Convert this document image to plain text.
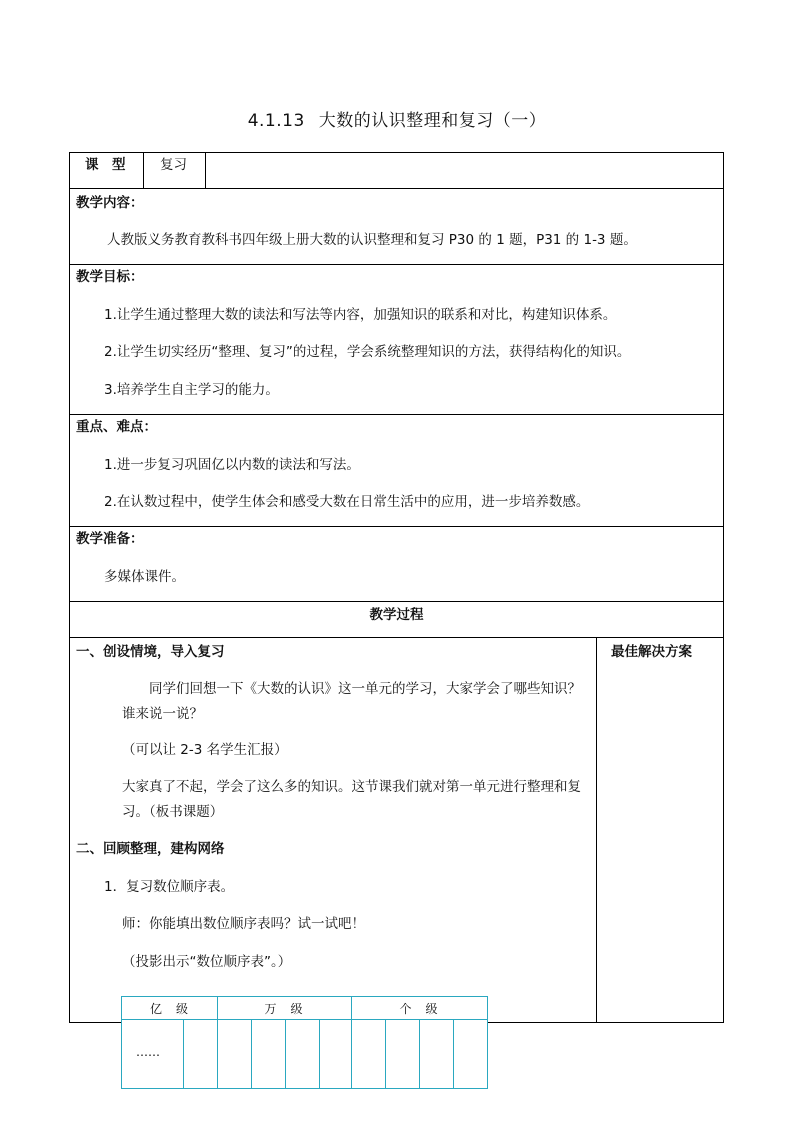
4.1.13 大数的认识整理和复习（一）
课　型	复习
教学内容：
人教版义务教育教科书四年级上册大数的认识整理和复习 P30 的 1 题，P31 的 1-3 题。
教学目标：
1.让学生通过整理大数的读法和写法等内容，加强知识的联系和对比，构建知识体系。
2.让学生切实经历“整理、复习”的过程，学会系统整理知识的方法，获得结构化的知识。
3.培养学生自主学习的能力。
重点、难点：
1.进一步复习巩固亿以内数的读法和写法。
2.在认数过程中，使学生体会和感受大数在日常生活中的应用，进一步培养数感。
教学准备：
多媒体课件。
教学过程
最佳解决方案
一、创设情境，导入复习
同学们回想一下《大数的认识》这一单元的学习，大家学会了哪些知识？谁来说一说？
（可以让 2-3 名学生汇报）
大家真了不起，学会了这么多的知识。这节课我们就对第一单元进行整理和复习。（板书课题）
二、回顾整理，建构网络
1．复习数位顺序表。
师：你能填出数位顺序表吗？试一试吧！
（投影出示“数位顺序表”。）
亿　级	万　级	个　级
……
